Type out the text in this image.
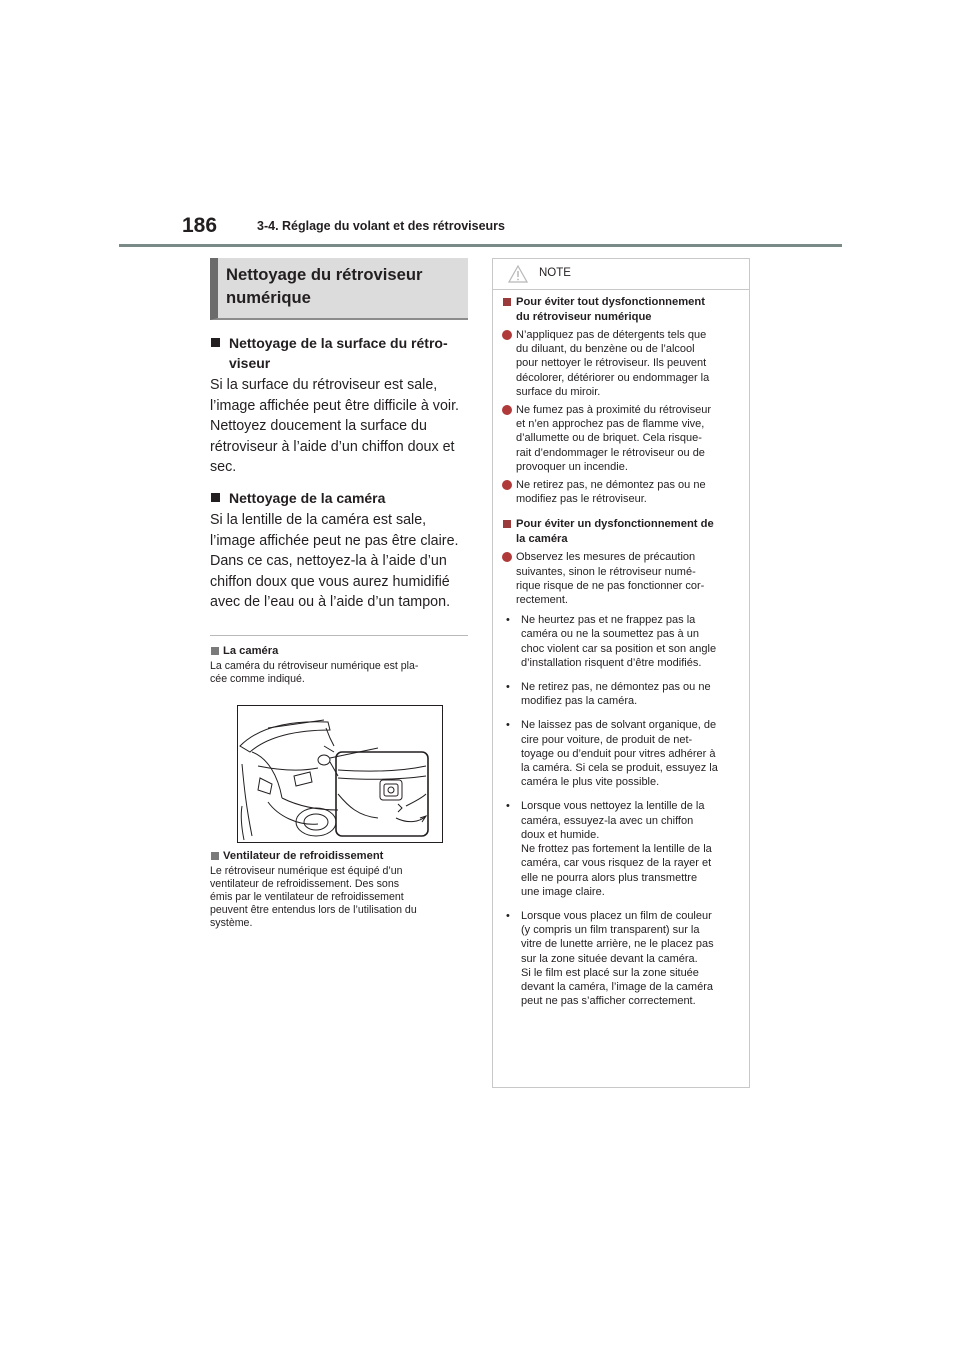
186	3-4. Réglage du volant et des rétroviseurs
Nettoyage du rétroviseur
numérique
Nettoyage de la surface du rétro-
viseur
Si la surface du rétroviseur est sale,
l’image affichée peut être difficile à voir.
Nettoyez doucement la surface du
rétroviseur à l’aide d’un chiffon doux et
sec.
Nettoyage de la caméra
Si la lentille de la caméra est sale,
l’image affichée peut ne pas être claire.
Dans ce cas, nettoyez-la à l’aide d’un
chiffon doux que vous aurez humidifié
avec de l’eau ou à l’aide d’un tampon.
La caméra
La caméra du rétroviseur numérique est pla-
cée comme indiqué.
Ventilateur de refroidissement
Le rétroviseur numérique est équipé d’un
ventilateur de refroidissement. Des sons
émis par le ventilateur de refroidissement
peuvent être entendus lors de l’utilisation du
système.
NOTE
Pour éviter tout dysfonctionnement
du rétroviseur numérique
N’appliquez pas de détergents tels que
du diluant, du benzène ou de l’alcool
pour nettoyer le rétroviseur. Ils peuvent
décolorer, détériorer ou endommager la
surface du miroir.
Ne fumez pas à proximité du rétroviseur
et n’en approchez pas de flamme vive,
d’allumette ou de briquet. Cela risque-
rait d’endommager le rétroviseur ou de
provoquer un incendie.
Ne retirez pas, ne démontez pas ou ne
modifiez pas le rétroviseur.
Pour éviter un dysfonctionnement de
la caméra
Observez les mesures de précaution
suivantes, sinon le rétroviseur numé-
rique risque de ne pas fonctionner cor-
rectement.
•	Ne heurtez pas et ne frappez pas la
caméra ou ne la soumettez pas à un
choc violent car sa position et son angle
d’installation risquent d’être modifiés.
•	Ne retirez pas, ne démontez pas ou ne
modifiez pas la caméra.
•	Ne laissez pas de solvant organique, de
cire pour voiture, de produit de net-
toyage ou d’enduit pour vitres adhérer à
la caméra. Si cela se produit, essuyez la
caméra le plus vite possible.
•	Lorsque vous nettoyez la lentille de la
caméra, essuyez-la avec un chiffon
doux et humide.
Ne frottez pas fortement la lentille de la
caméra, car vous risquez de la rayer et
elle ne pourra alors plus transmettre
une image claire.
•	Lorsque vous placez un film de couleur
(y compris un film transparent) sur la
vitre de lunette arrière, ne le placez pas
sur la zone située devant la caméra.
Si le film est placé sur la zone située
devant la caméra, l’image de la caméra
peut ne pas s’afficher correctement.
